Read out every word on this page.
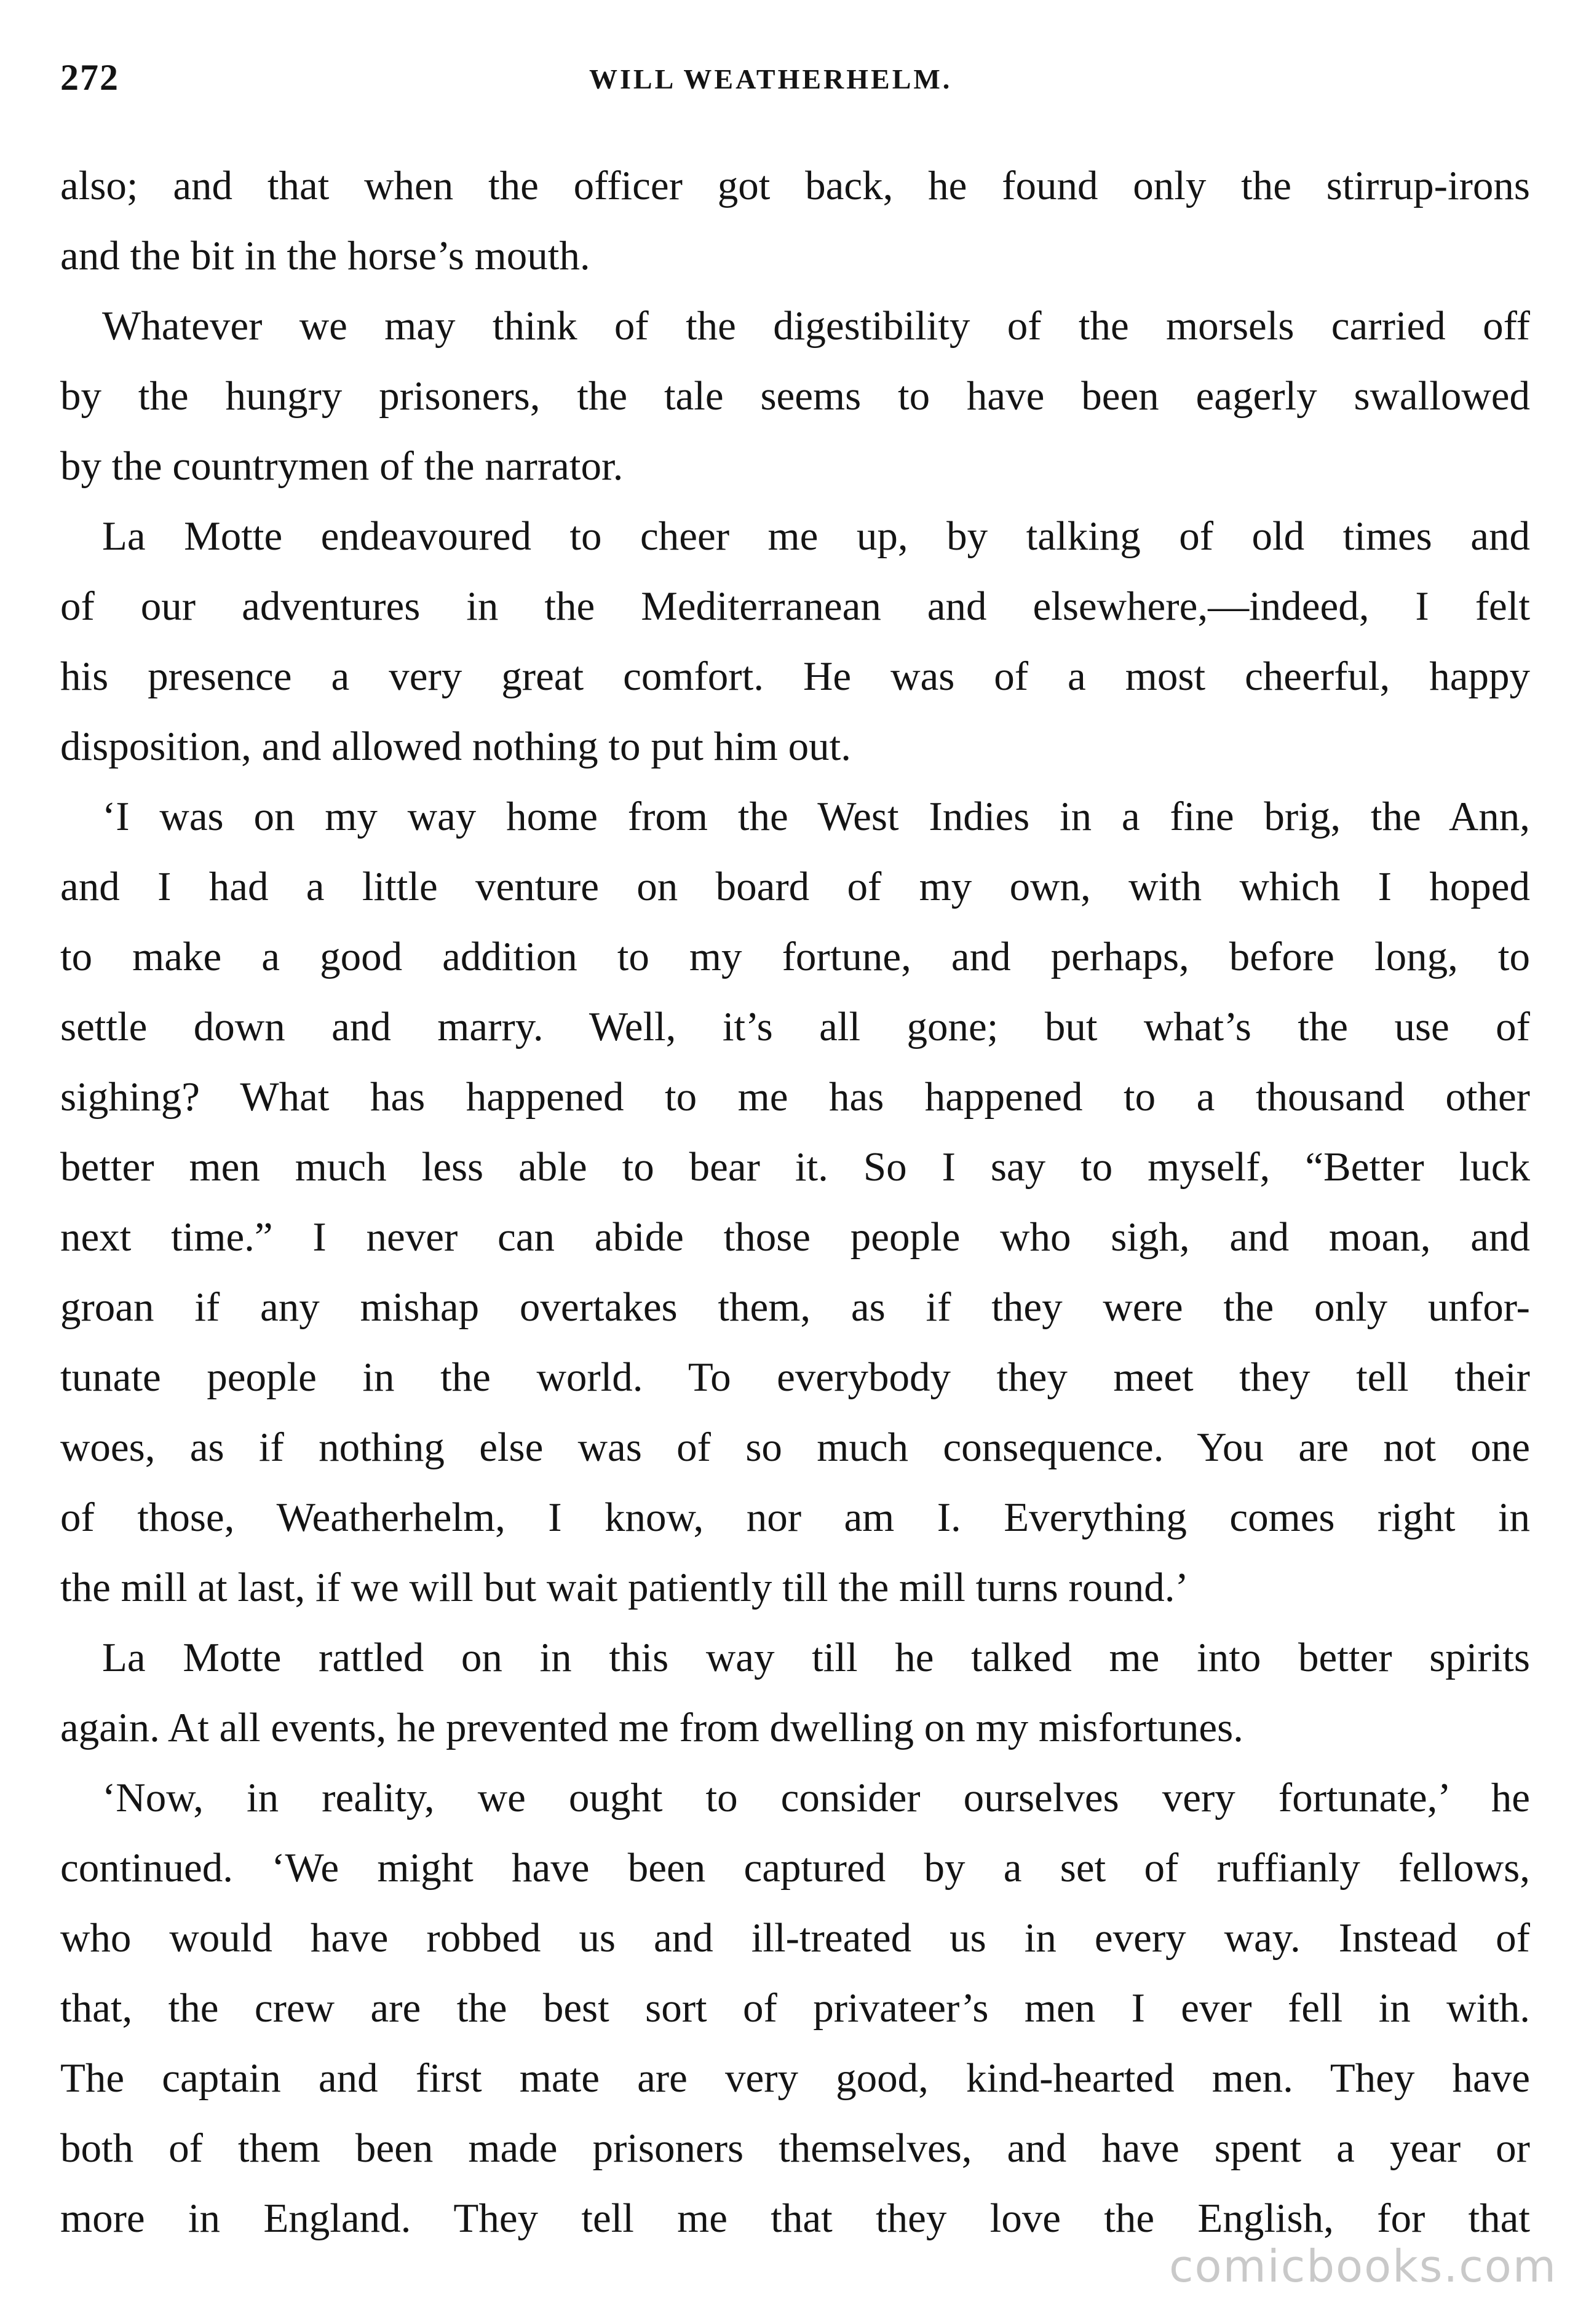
272	WILL WEATHERHELM.
also; and that when the officer got back, he found only the stirrup-irons
and the bit in the horse’s mouth.
Whatever we may think of the digestibility of the morsels carried off
by the hungry prisoners, the tale seems to have been eagerly swallowed
by the countrymen of the narrator.
La Motte endeavoured to cheer me up, by talking of old times and
of our adventures in the Mediterranean and elsewhere,—indeed, I felt
his presence a very great comfort. He was of a most cheerful, happy
disposition, and allowed nothing to put him out.
‘I was on my way home from the West Indies in a fine brig, the Ann,
and I had a little venture on board of my own, with which I hoped
to make a good addition to my fortune, and perhaps, before long, to
settle down and marry. Well, it’s all gone; but what’s the use of
sighing? What has happened to me has happened to a thousand other
better men much less able to bear it. So I say to myself, “Better luck
next time.” I never can abide those people who sigh, and moan, and
groan if any mishap overtakes them, as if they were the only unfor-
tunate people in the world. To everybody they meet they tell their
woes, as if nothing else was of so much consequence. You are not one
of those, Weatherhelm, I know, nor am I. Everything comes right in
the mill at last, if we will but wait patiently till the mill turns round.’
La Motte rattled on in this way till he talked me into better spirits
again. At all events, he prevented me from dwelling on my misfortunes.
‘Now, in reality, we ought to consider ourselves very fortunate,’ he
continued. ‘We might have been captured by a set of ruffianly fellows,
who would have robbed us and ill-treated us in every way. Instead of
that, the crew are the best sort of privateer’s men I ever fell in with.
The captain and first mate are very good, kind-hearted men. They have
both of them been made prisoners themselves, and have spent a year or
more in England. They tell me that they love the English, for that
comicbooks.com
